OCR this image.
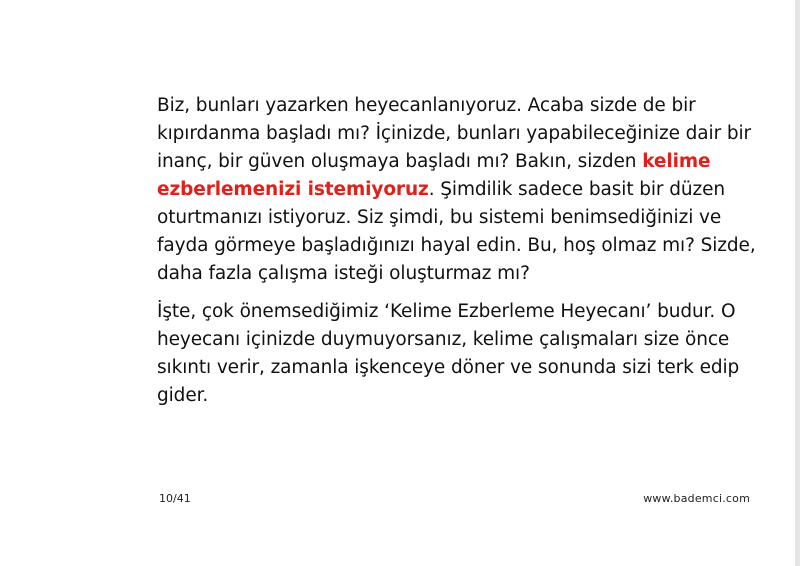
Biz, bunları yazarken heyecanlanıyoruz. Acaba sizde de bir kıpırdanma başladı mı? İçinizde, bunları yapabileceğinize dair bir inanç, bir güven oluşmaya başladı mı? Bakın, sizden kelime ezberlemenizi istemiyoruz. Şimdilik sadece basit bir düzen oturtmanızı istiyoruz. Siz şimdi, bu sistemi benimsediğinizi ve fayda görmeye başladığınızı hayal edin. Bu, hoş olmaz mı? Sizde, daha fazla çalışma isteği oluşturmaz mı?

İşte, çok önemsediğimiz ‘Kelime Ezberleme Heyecanı’ budur. O heyecanı içinizde duymuyorsanız, kelime çalışmaları size önce sıkıntı verir, zamanla işkenceye döner ve sonunda sizi terk edip gider.

10/41	www.bademci.com
